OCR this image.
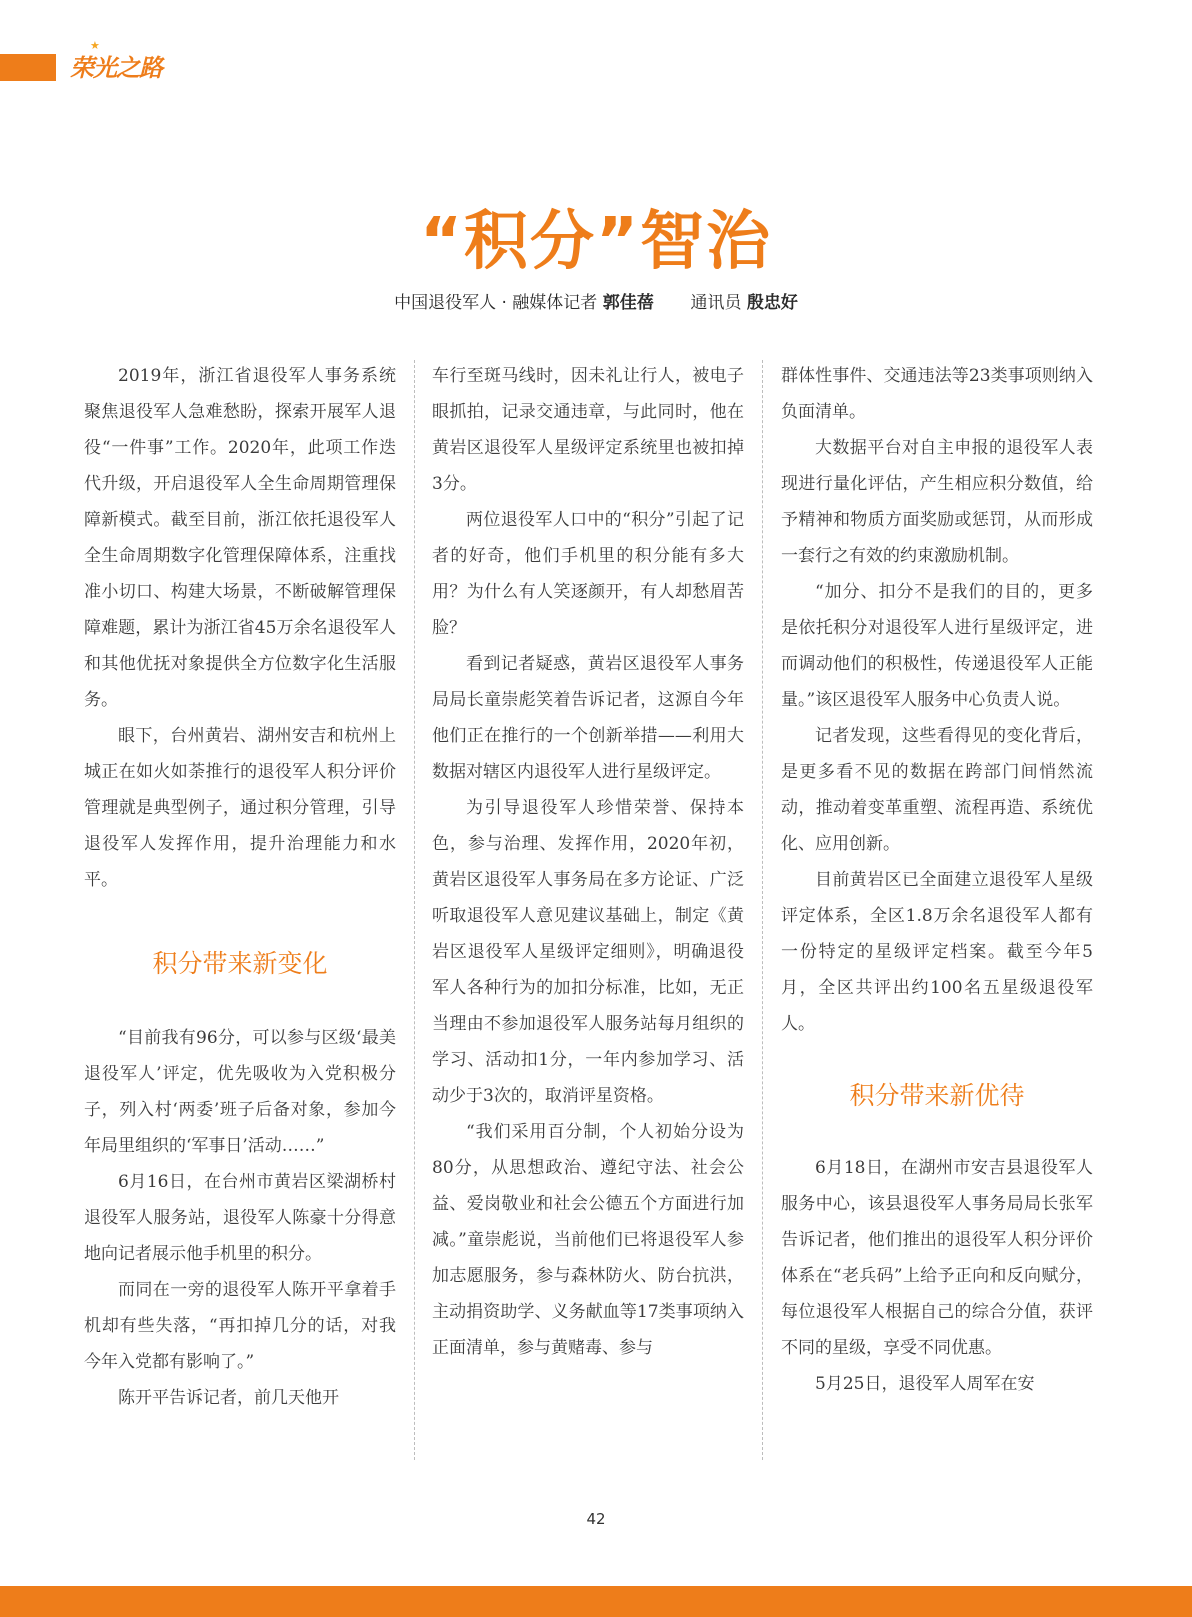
荣光之路
★
“积分”智治
中国退役军人 · 融媒体记者 郭佳蓓 通讯员 殷忠好

2019年，浙江省退役军人事务系统聚焦退役军人急难愁盼，探索开展军人退役“一件事”工作。2020年，此项工作迭代升级，开启退役军人全生命周期管理保障新模式。截至目前，浙江依托退役军人全生命周期数字化管理保障体系，注重找准小切口、构建大场景，不断破解管理保障难题，累计为浙江省45万余名退役军人和其他优抚对象提供全方位数字化生活服务。

眼下，台州黄岩、湖州安吉和杭州上城正在如火如荼推行的退役军人积分评价管理就是典型例子，通过积分管理，引导退役军人发挥作用，提升治理能力和水平。

积分带来新变化

“目前我有96分，可以参与区级‘最美退役军人’评定，优先吸收为入党积极分子，列入村‘两委’班子后备对象，参加今年局里组织的‘军事日’活动……”

6月16日，在台州市黄岩区梁湖桥村退役军人服务站，退役军人陈豪十分得意地向记者展示他手机里的积分。

而同在一旁的退役军人陈开平拿着手机却有些失落，“再扣掉几分的话，对我今年入党都有影响了。”

陈开平告诉记者，前几天他开

车行至斑马线时，因未礼让行人，被电子眼抓拍，记录交通违章，与此同时，他在黄岩区退役军人星级评定系统里也被扣掉3分。

两位退役军人口中的“积分”引起了记者的好奇，他们手机里的积分能有多大用？为什么有人笑逐颜开，有人却愁眉苦脸？

看到记者疑惑，黄岩区退役军人事务局局长童崇彪笑着告诉记者，这源自今年他们正在推行的一个创新举措——利用大数据对辖区内退役军人进行星级评定。

为引导退役军人珍惜荣誉、保持本色，参与治理、发挥作用，2020年初，黄岩区退役军人事务局在多方论证、广泛听取退役军人意见建议基础上，制定《黄岩区退役军人星级评定细则》，明确退役军人各种行为的加扣分标准，比如，无正当理由不参加退役军人服务站每月组织的学习、活动扣1分，一年内参加学习、活动少于3次的，取消评星资格。

“我们采用百分制，个人初始分设为80分，从思想政治、遵纪守法、社会公益、爱岗敬业和社会公德五个方面进行加减。”童崇彪说，当前他们已将退役军人参加志愿服务，参与森林防火、防台抗洪，主动捐资助学、义务献血等17类事项纳入正面清单，参与黄赌毒、参与

群体性事件、交通违法等23类事项则纳入负面清单。

大数据平台对自主申报的退役军人表现进行量化评估，产生相应积分数值，给予精神和物质方面奖励或惩罚，从而形成一套行之有效的约束激励机制。

“加分、扣分不是我们的目的，更多是依托积分对退役军人进行星级评定，进而调动他们的积极性，传递退役军人正能量。”该区退役军人服务中心负责人说。

记者发现，这些看得见的变化背后，是更多看不见的数据在跨部门间悄然流动，推动着变革重塑、流程再造、系统优化、应用创新。

目前黄岩区已全面建立退役军人星级评定体系，全区1.8万余名退役军人都有一份特定的星级评定档案。截至今年5月，全区共评出约100名五星级退役军人。

积分带来新优待

6月18日，在湖州市安吉县退役军人服务中心，该县退役军人事务局局长张军告诉记者，他们推出的退役军人积分评价体系在“老兵码”上给予正向和反向赋分，每位退役军人根据自己的综合分值，获评不同的星级，享受不同优惠。

5月25日，退役军人周军在安

42
